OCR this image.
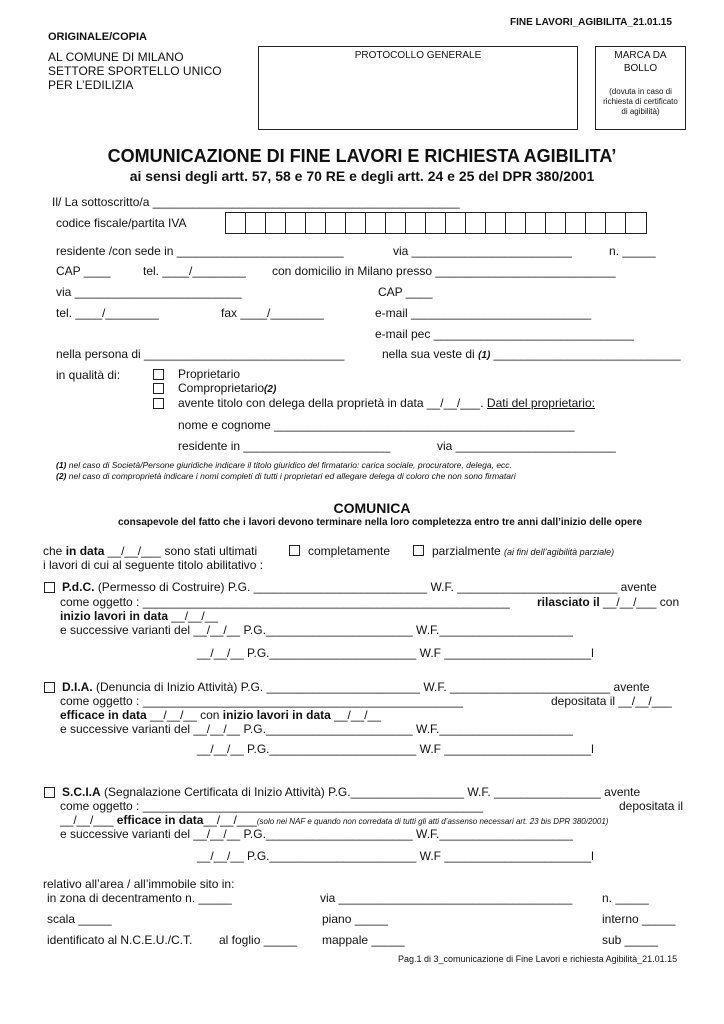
FINE LAVORI_AGIBILITA_21.01.15
ORIGINALE/COPIA
AL COMUNE DI MILANO
SETTORE SPORTELLO UNICO
PER L’EDILIZIA
PROTOCOLLO GENERALE	MARCA DA
BOLLO
(dovuta in caso di
richiesta di certificato
di agibilità)
COMUNICAZIONE DI FINE LAVORI E RICHIESTA AGIBILITA’
ai sensi degli artt. 57, 58 e 70 RE e degli artt. 24 e 25 del DPR 380/2001
Il/ La sottoscritto/a ______________________________________________
codice fiscale/partita IVA
residente /con sede in _________________________	via ________________________	n. _____
CAP ____	tel. ____/________ con domicilio in Milano presso ___________________________
via _________________________	CAP ____
tel. ____/________	fax ____/________	e-mail ___________________________
e-mail pec ______________________________
nella persona di ______________________________	nella sua veste di (1) ____________________________
in qualità di:	Proprietario
Comproprietario(2)
avente titolo con delega della proprietà in data __/__/___. Dati del proprietario:
nome e cognome _____________________________________________
residente in ______________________	via ________________________
(1) nel caso di Società/Persone giuridiche indicare il titolo giuridico del firmatario: carica sociale, procuratore, delega, ecc.
(2) nel caso di comproprietà indicare i nomi completi di tutti i proprietari ed allegare delega di coloro che non sono firmatari
COMUNICA
consapevole del fatto che i lavori devono terminare nella loro completezza entro tre anni dall’inizio delle opere
che in data __/__/___ sono stati ultimati	completamente	parzialmente (ai fini dell’agibilità parziale)
i lavori di cui al seguente titolo abilitativo :
P.d.C. (Permesso di Costruire) P.G. __________________________ W.F. ________________________ avente
come oggetto : _______________________________________________________ rilasciato il __/__/___ con
inizio lavori in data __/__/__
e successive varianti del __/__/__ P.G.______________________ W.F.____________________
__/__/__ P.G.______________________ W.F ______________________l
D.I.A. (Denuncia di Inizio Attività) P.G. _______________________ W.F. ________________________ avente
come oggetto : ________________________________________________	depositata il __/__/___
efficace in data __/__/__ con inizio lavori in data __/__/__
e successive varianti del __/__/__ P.G.______________________ W.F.____________________
__/__/__ P.G.______________________ W.F ______________________l
S.C.I.A (Segnalazione Certificata di Inizio Attività) P.G._________________ W.F. ________________ avente
come oggetto : ___________________________________________________	depositata il
__/__/___ efficace in data__/__/___(solo nei NAF e quando non corredata di tutti gli atti d’assenso necessari art. 23 bis DPR 380/2001)
e successive varianti del __/__/__ P.G.______________________ W.F.____________________
__/__/__ P.G.______________________ W.F ______________________l
relativo all’area / all’immobile sito in:
in zona di decentramento n. _____	via ___________________________________ n. _____
scala _____	piano _____	interno _____
identificato al N.C.E.U./C.T. al foglio _____ mappale _____	sub _____
Pag.1 di 3_comunicazione di Fine Lavori e richiesta Agibilità_21.01.15
